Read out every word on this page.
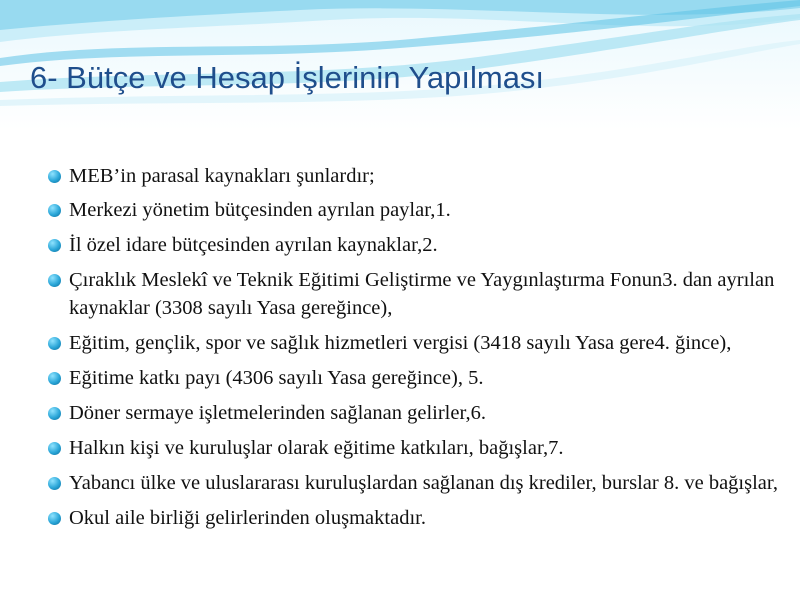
6- Bütçe ve Hesap İşlerinin Yapılması
MEB’in parasal kaynakları şunlardır;
Merkezi yönetim bütçesinden ayrılan paylar,1.
İl özel idare bütçesinden ayrılan kaynaklar,2.
Çıraklık Meslekî ve Teknik Eğitimi Geliştirme ve Yaygınlaştırma Fonun3. dan ayrılan kaynaklar (3308 sayılı Yasa gereğince),
Eğitim, gençlik, spor ve sağlık hizmetleri vergisi (3418 sayılı Yasa gere4. ğince),
Eğitime katkı payı (4306 sayılı Yasa gereğince), 5.
Döner sermaye işletmelerinden sağlanan gelirler,6.
Halkın kişi ve kuruluşlar olarak eğitime katkıları, bağışlar,7.
Yabancı ülke ve uluslararası kuruluşlardan sağlanan dış krediler, burslar 8. ve bağışlar,
Okul aile birliği gelirlerinden oluşmaktadır.
